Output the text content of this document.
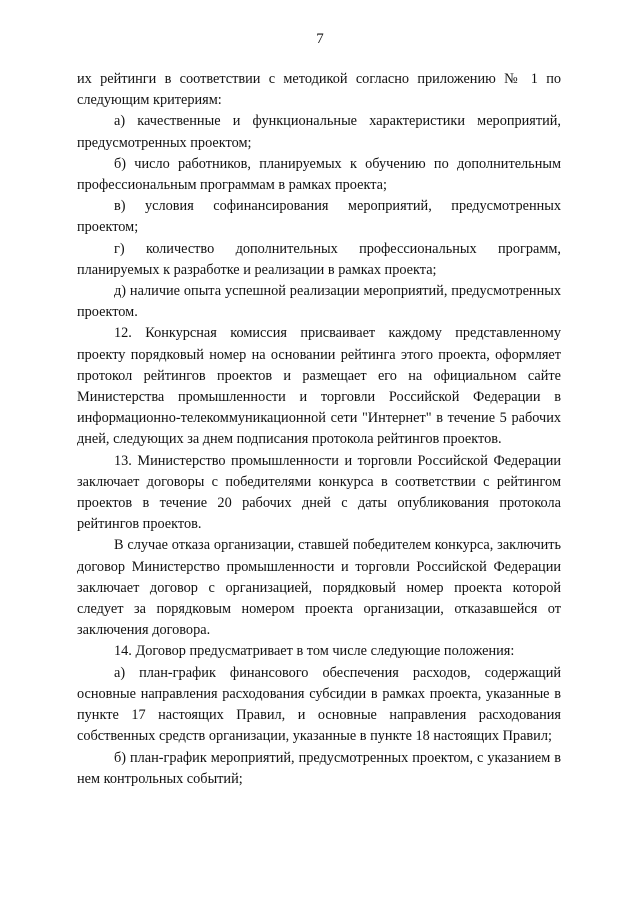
7

их рейтинги в соответствии с методикой согласно приложению № 1 по следующим критериям:

а) качественные и функциональные характеристики мероприятий, предусмотренных проектом;

б) число работников, планируемых к обучению по дополнительным профессиональным программам в рамках проекта;

в) условия софинансирования мероприятий, предусмотренных проектом;

г) количество дополнительных профессиональных программ, планируемых к разработке и реализации в рамках проекта;

д) наличие опыта успешной реализации мероприятий, предусмотренных проектом.

12. Конкурсная комиссия присваивает каждому представленному проекту порядковый номер на основании рейтинга этого проекта, оформляет протокол рейтингов проектов и размещает его на официальном сайте Министерства промышленности и торговли Российской Федерации в информационно-телекоммуникационной сети "Интернет" в течение 5 рабочих дней, следующих за днем подписания протокола рейтингов проектов.

13. Министерство промышленности и торговли Российской Федерации заключает договоры с победителями конкурса в соответствии с рейтингом проектов в течение 20 рабочих дней с даты опубликования протокола рейтингов проектов.

В случае отказа организации, ставшей победителем конкурса, заключить договор Министерство промышленности и торговли Российской Федерации заключает договор с организацией, порядковый номер проекта которой следует за порядковым номером проекта организации, отказавшейся от заключения договора.

14. Договор предусматривает в том числе следующие положения:

а) план-график финансового обеспечения расходов, содержащий основные направления расходования субсидии в рамках проекта, указанные в пункте 17 настоящих Правил, и основные направления расходования собственных средств организации, указанные в пункте 18 настоящих Правил;

б) план-график мероприятий, предусмотренных проектом, с указанием в нем контрольных событий;
